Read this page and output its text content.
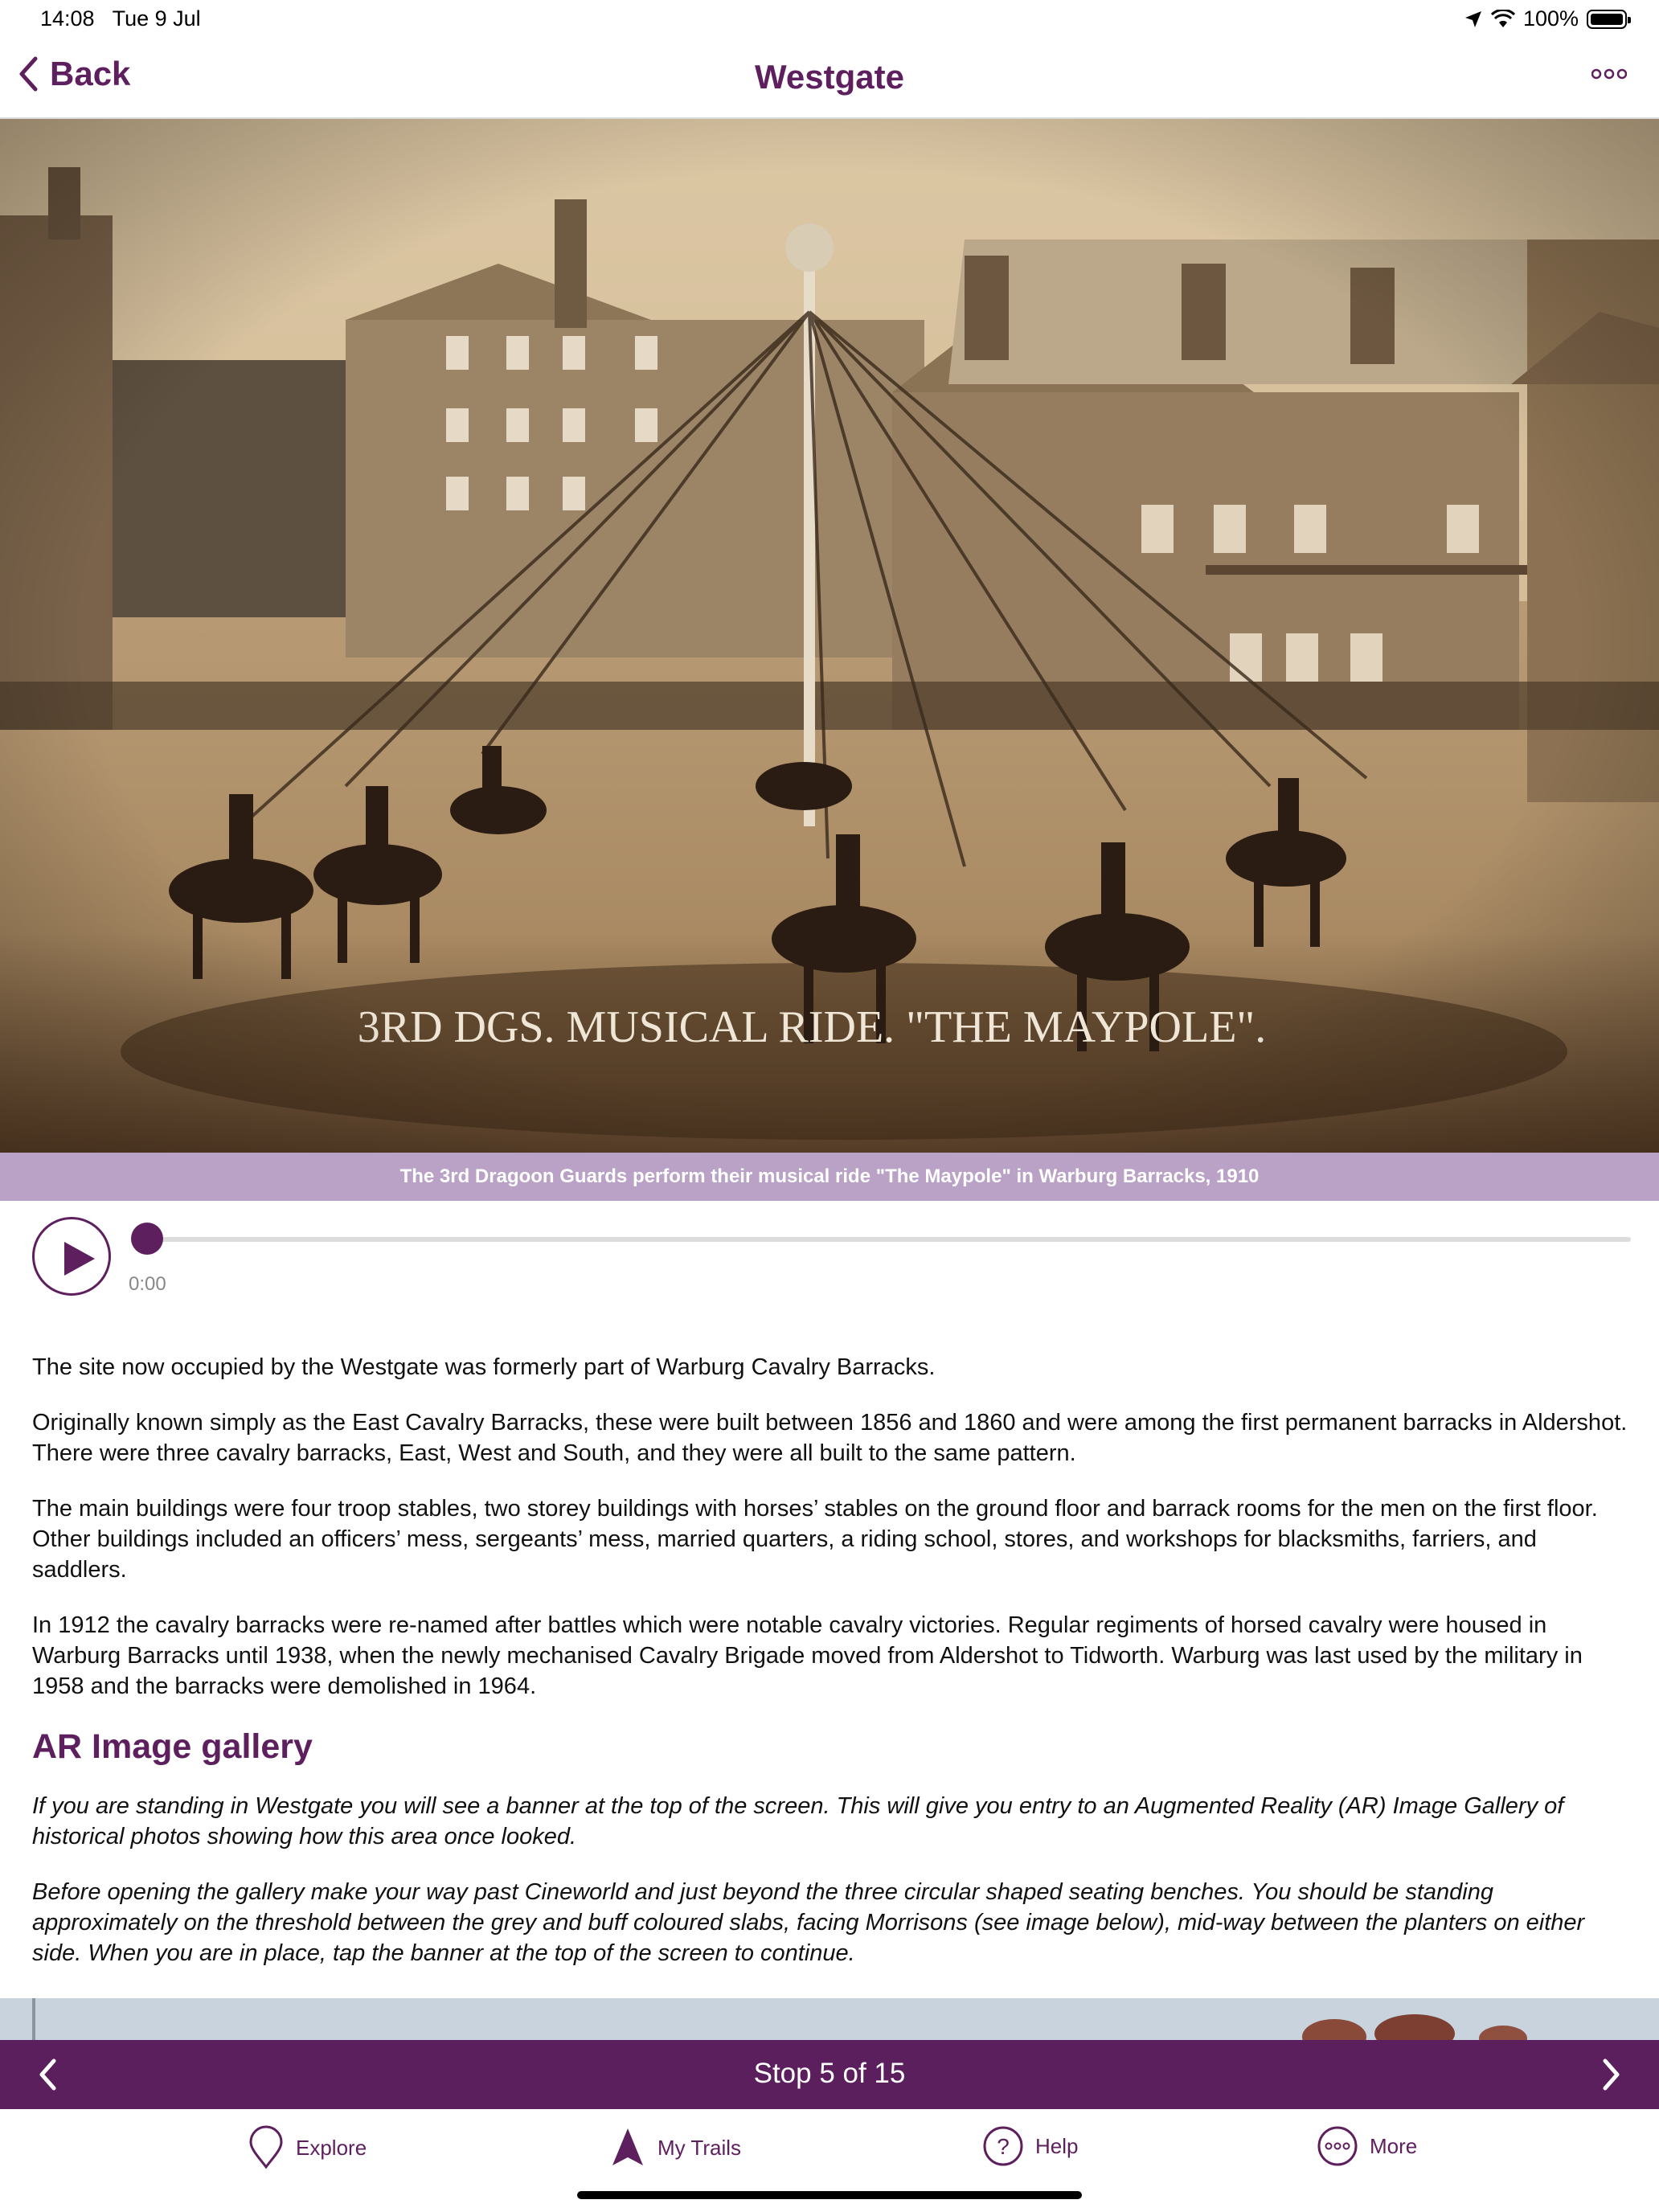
14:08 Tue 9 Jul	100%
Back	Westgate
The 3rd Dragoon Guards perform their musical ride "The Maypole" in Warburg Barracks, 1910
0:00

The site now occupied by the Westgate was formerly part of Warburg Cavalry Barracks.

Originally known simply as the East Cavalry Barracks, these were built between 1856 and 1860 and were among the first permanent barracks in Aldershot. There were three cavalry barracks, East, West and South, and they were all built to the same pattern.

The main buildings were four troop stables, two storey buildings with horses’ stables on the ground floor and barrack rooms for the men on the first floor. Other buildings included an officers’ mess, sergeants’ mess, married quarters, a riding school, stores, and workshops for blacksmiths, farriers, and saddlers.

In 1912 the cavalry barracks were re-named after battles which were notable cavalry victories. Regular regiments of horsed cavalry were housed in Warburg Barracks until 1938, when the newly mechanised Cavalry Brigade moved from Aldershot to Tidworth. Warburg was last used by the military in 1958 and the barracks were demolished in 1964.

AR Image gallery

If you are standing in Westgate you will see a banner at the top of the screen. This will give you entry to an Augmented Reality (AR) Image Gallery of historical photos showing how this area once looked.

Before opening the gallery make your way past Cineworld and just beyond the three circular shaped seating benches. You should be standing approximately on the threshold between the grey and buff coloured slabs, facing Morrisons (see image below), mid-way between the planters on either side. When you are in place, tap the banner at the top of the screen to continue.

Stop 5 of 15
Explore	My Trails	? Help	More
